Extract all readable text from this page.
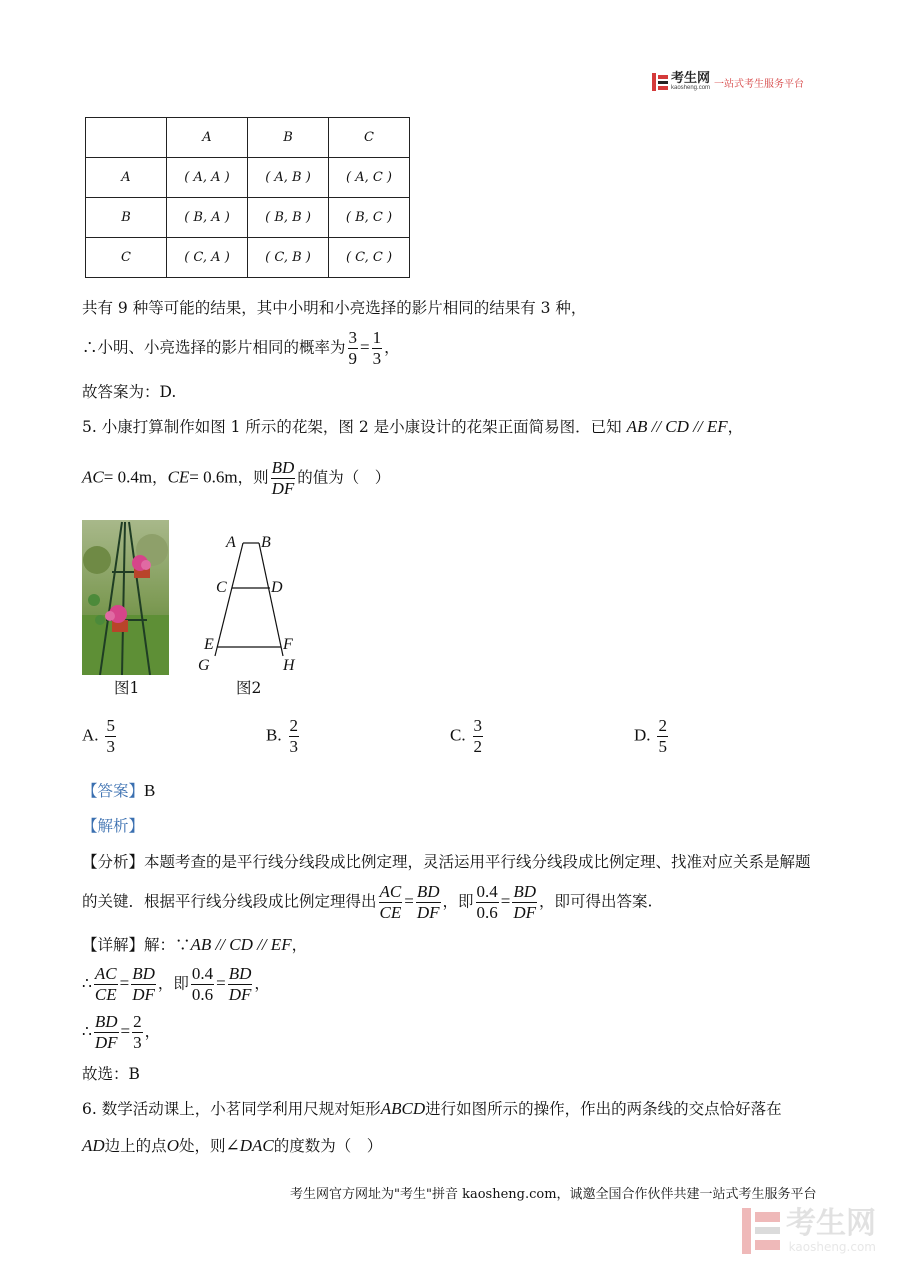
考生网
kaosheng.com 一站式考生服务平台
	A	B	C
A	( A, A )	( A, B )	( A, C )
B	( B, A )	( B, B )	( B, C )
C	( C, A )	( C, B )	( C, C )
共有 9 种等可能的结果，其中小明和小亮选择的影片相同的结果有 3 种，
∴小明、小亮选择的影片相同的概率为 $\frac{3}{9} = \frac{1}{3}$ ，
故答案为：D.
5. 小康打算制作如图 1 所示的花架，图 2 是小康设计的花架正面简易图．已知 AB // CD // EF，
AC= 0.4m，CE= 0.6m，则 $\frac{BD}{DF}$ 的值为（　）
图1
A B
C	D
E	F
G	H
图2
A. $\frac{5}{3}$	B. $\frac{2}{3}$	C. $\frac{3}{2}$	D. $\frac{2}{5}$
【答案】B
【解析】
【分析】本题考查的是平行线分线段成比例定理，灵活运用平行线分线段成比例定理、找准对应关系是解题
的关键．根据平行线分线段成比例定理得出 $\frac{AC}{CE} = \frac{BD}{DF}$ ，即 $\frac{0.4}{0.6} = \frac{BD}{DF}$ ，即可得出答案.
【详解】解：∵AB // CD // EF，
∴ $\frac{AC}{CE} = \frac{BD}{DF}$ ，即 $\frac{0.4}{0.6} = \frac{BD}{DF}$ ，
∴ $\frac{BD}{DF} = \frac{2}{3}$ ，
故选：B
6. 数学活动课上，小茗同学利用尺规对矩形ABCD进行如图所示的操作，作出的两条线的交点恰好落在
AD边上的点O处，则∠DAC的度数为（　）
考生网官方网址为"考生"拼音 kaosheng.com，诚邀全国合作伙伴共建一站式考生服务平台
考生网
kaosheng.com
